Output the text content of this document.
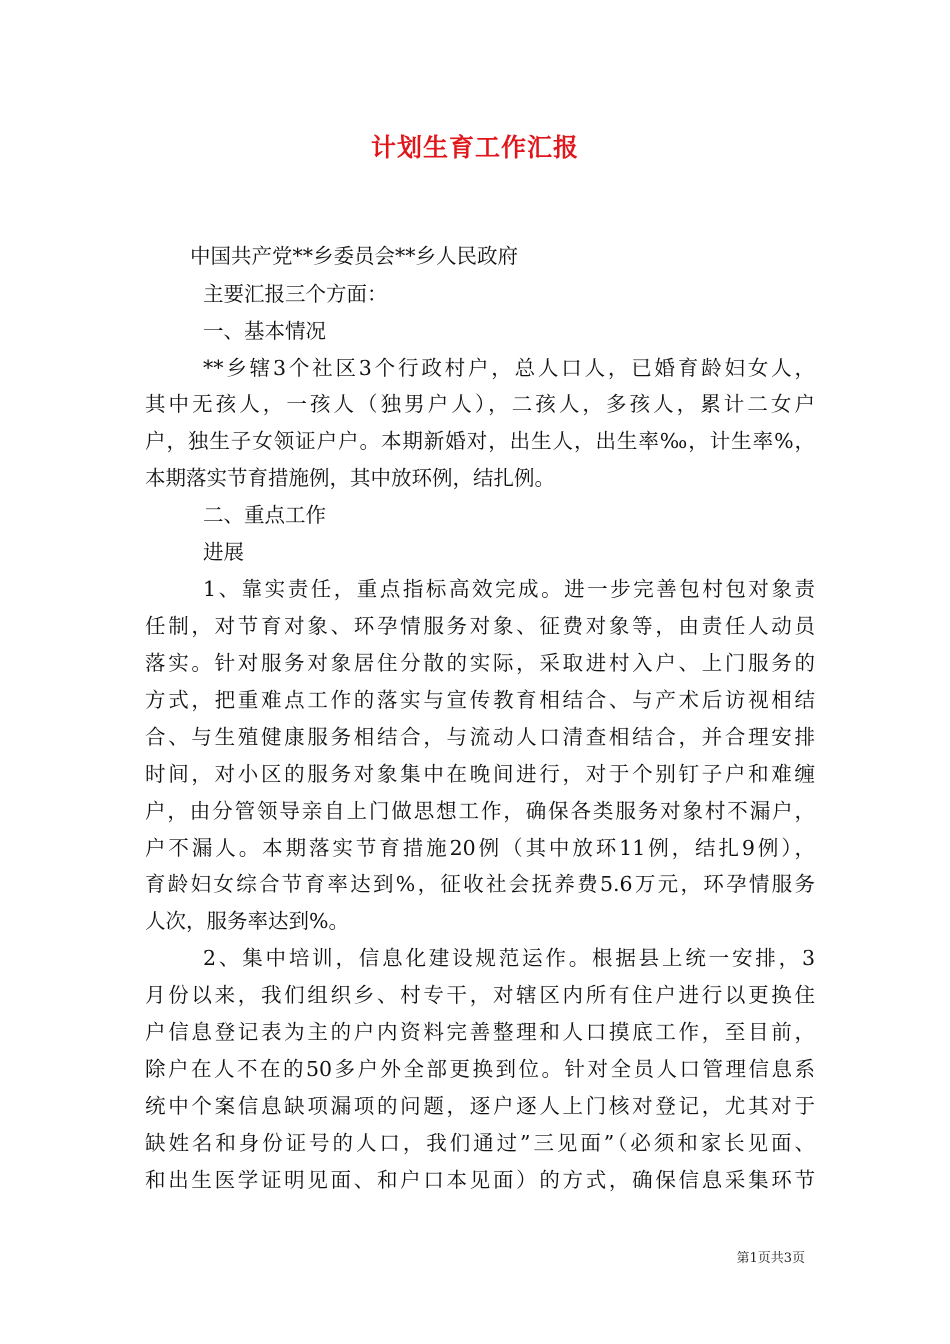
计划生育工作汇报
中国共产党**乡委员会**乡人民政府
主要汇报三个方面：
一、基本情况
**乡辖3个社区3个行政村户，总人口人，已婚育龄妇女人，
其中无孩人，一孩人（独男户人），二孩人，多孩人，累计二女户
户，独生子女领证户户。本期新婚对，出生人，出生率‰，计生率%，
本期落实节育措施例，其中放环例，结扎例。
二、重点工作
进展
1、靠实责任，重点指标高效完成。进一步完善包村包对象责
任制，对节育对象、环孕情服务对象、征费对象等，由责任人动员
落实。针对服务对象居住分散的实际，采取进村入户、上门服务的
方式，把重难点工作的落实与宣传教育相结合、与产术后访视相结
合、与生殖健康服务相结合，与流动人口清查相结合，并合理安排
时间，对小区的服务对象集中在晚间进行，对于个别钉子户和难缠
户，由分管领导亲自上门做思想工作，确保各类服务对象村不漏户，
户不漏人。本期落实节育措施20例（其中放环11例，结扎9例），
育龄妇女综合节育率达到%，征收社会抚养费5.6万元，环孕情服务
人次，服务率达到%。
2、集中培训，信息化建设规范运作。根据县上统一安排，3
月份以来，我们组织乡、村专干，对辖区内所有住户进行以更换住
户信息登记表为主的户内资料完善整理和人口摸底工作，至目前，
除户在人不在的50多户外全部更换到位。针对全员人口管理信息系
统中个案信息缺项漏项的问题，逐户逐人上门核对登记，尤其对于
缺姓名和身份证号的人口，我们通过”三见面”（必须和家长见面、
和出生医学证明见面、和户口本见面）的方式，确保信息采集环节
第1页共3页
